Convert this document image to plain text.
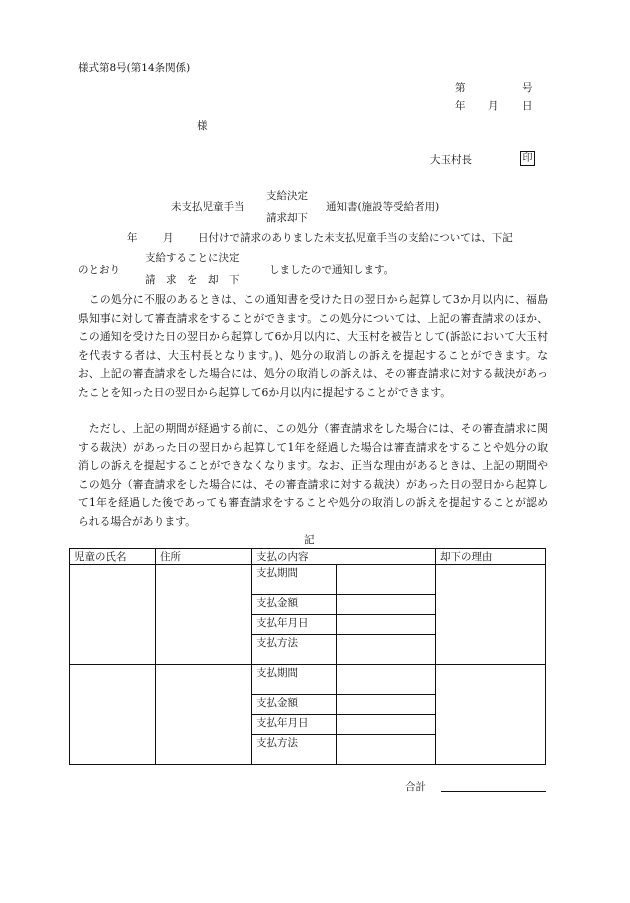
様式第8号(第14条関係)
第	号
年 月 日
様
大玉村長	印
支給決定
未支払児童手当	通知書(施設等受給者用)
請求却下
年 月 日付けで請求のありました未支払児童手当の支給については、下記
支給することに決定
のとおり	しましたので通知します。
請　求　を　却　下
この処分に不服のあるときは、この通知書を受けた日の翌日から起算して3か月以内に、福島県知事に対して審査請求をすることができます。この処分については、上記の審査請求のほか、この通知を受けた日の翌日から起算して6か月以内に、大玉村を被告として(訴訟において大玉村を代表する者は、大玉村長となります。)、処分の取消しの訴えを提起することができます。なお、上記の審査請求をした場合には、処分の取消しの訴えは、その審査請求に対する裁決があったことを知った日の翌日から起算して6か月以内に提起することができます。
ただし、上記の期間が経過する前に、この処分（審査請求をした場合には、その審査請求に関する裁決）があった日の翌日から起算して1年を経過した場合は審査請求をすることや処分の取消しの訴えを提起することができなくなります。なお、正当な理由があるときは、上記の期間やこの処分（審査請求をした場合には、その審査請求に対する裁決）があった日の翌日から起算して1年を経過した後であっても審査請求をすることや処分の取消しの訴えを提起することが認められる場合があります。
記
児童の氏名	住所	支払の内容		却下の理由
		支払期間		
		支払金額		
		支払年月日		
		支払方法		
		支払期間		
		支払金額		
		支払年月日		
		支払方法		
合計
